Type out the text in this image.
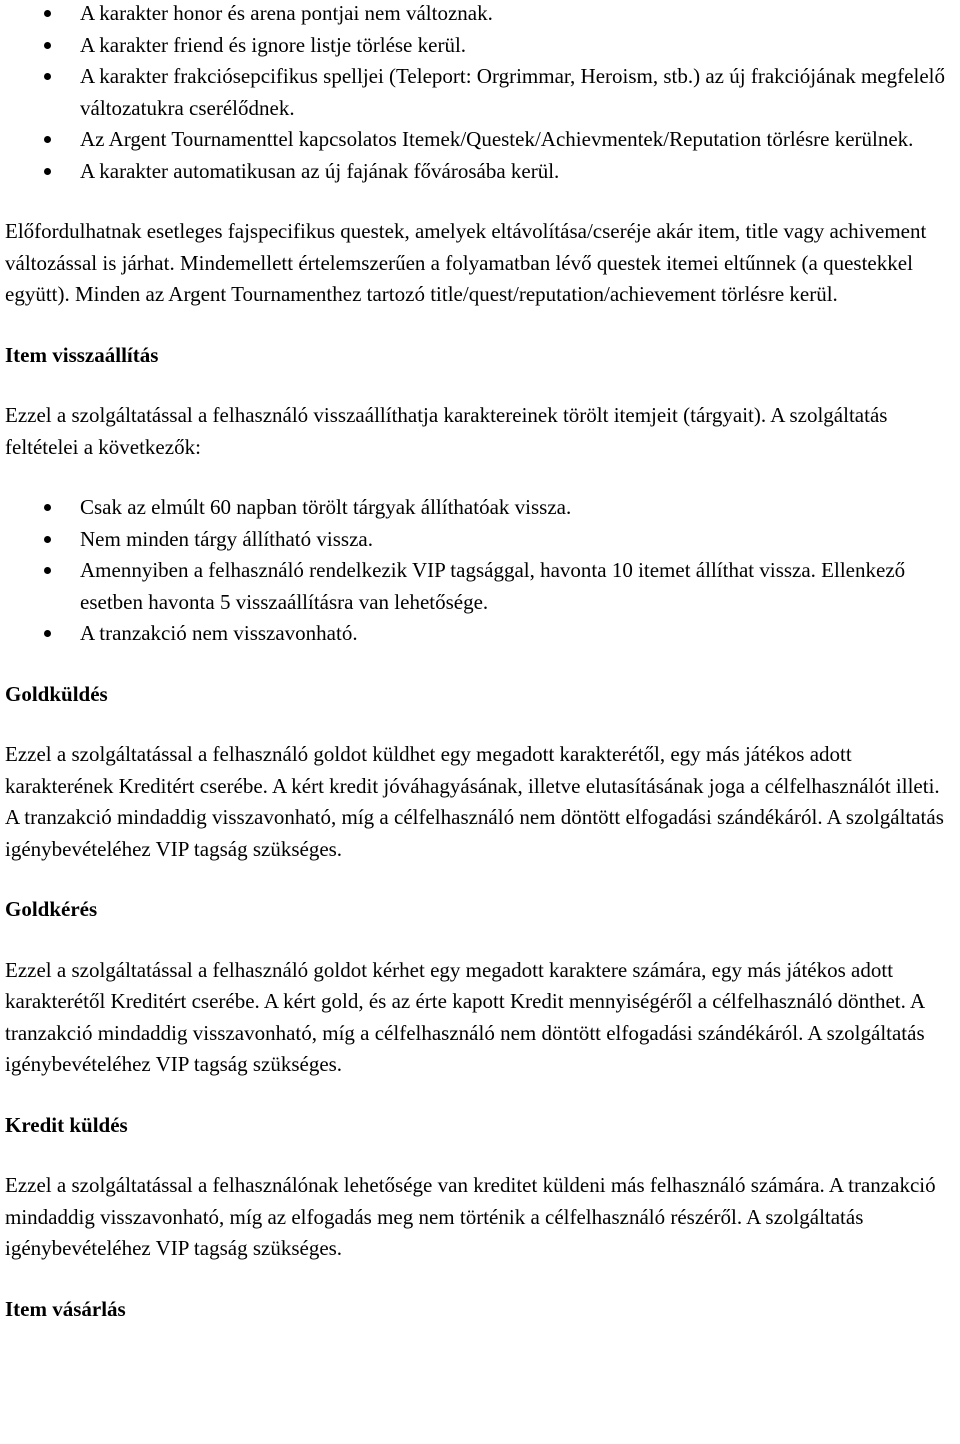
A karakter honor és arena pontjai nem változnak.
A karakter friend és ignore listje törlése kerül.
A karakter frakciósepcifikus spelljei (Teleport: Orgrimmar, Heroism, stb.) az új frakciójának megfelelő változatukra cserélődnek.
Az Argent Tournamenttel kapcsolatos Itemek/Questek/Achievmentek/Reputation törlésre kerülnek.
A karakter automatikusan az új fajának fővárosába kerül.

Előfordulhatnak esetleges fajspecifikus questek, amelyek eltávolítása/cseréje akár item, title vagy achivement változással is járhat. Mindemellett értelemszerűen a folyamatban lévő questek itemei eltűnnek (a questekkel együtt). Minden az Argent Tournamenthez tartozó title/quest/reputation/achievement törlésre kerül.

Item visszaállítás

Ezzel a szolgáltatással a felhasználó visszaállíthatja karaktereinek törölt itemjeit (tárgyait). A szolgáltatás feltételei a következők:

Csak az elmúlt 60 napban törölt tárgyak állíthatóak vissza.
Nem minden tárgy állítható vissza.
Amennyiben a felhasználó rendelkezik VIP tagsággal, havonta 10 itemet állíthat vissza. Ellenkező esetben havonta 5 visszaállításra van lehetősége.
A tranzakció nem visszavonható.
Goldküldés

Ezzel a szolgáltatással a felhasználó goldot küldhet egy megadott karakterétől, egy más játékos adott karakterének Kreditért cserébe. A kért kredit jóváhagyásának, illetve elutasításának joga a célfelhasználót illeti. A tranzakció mindaddig visszavonható, míg a célfelhasználó nem döntött elfogadási szándékáról. A szolgáltatás igénybevételéhez VIP tagság szükséges.

Goldkérés

Ezzel a szolgáltatással a felhasználó goldot kérhet egy megadott karaktere számára, egy más játékos adott karakterétől Kreditért cserébe. A kért gold, és az érte kapott Kredit mennyiségéről a célfelhasználó dönthet. A tranzakció mindaddig visszavonható, míg a célfelhasználó nem döntött elfogadási szándékáról. A szolgáltatás igénybevételéhez VIP tagság szükséges.

Kredit küldés

Ezzel a szolgáltatással a felhasználónak lehetősége van kreditet küldeni más felhasználó számára. A tranzakció mindaddig visszavonható, míg az elfogadás meg nem történik a célfelhasználó részéről. A szolgáltatás igénybevételéhez VIP tagság szükséges.

Item vásárlás
